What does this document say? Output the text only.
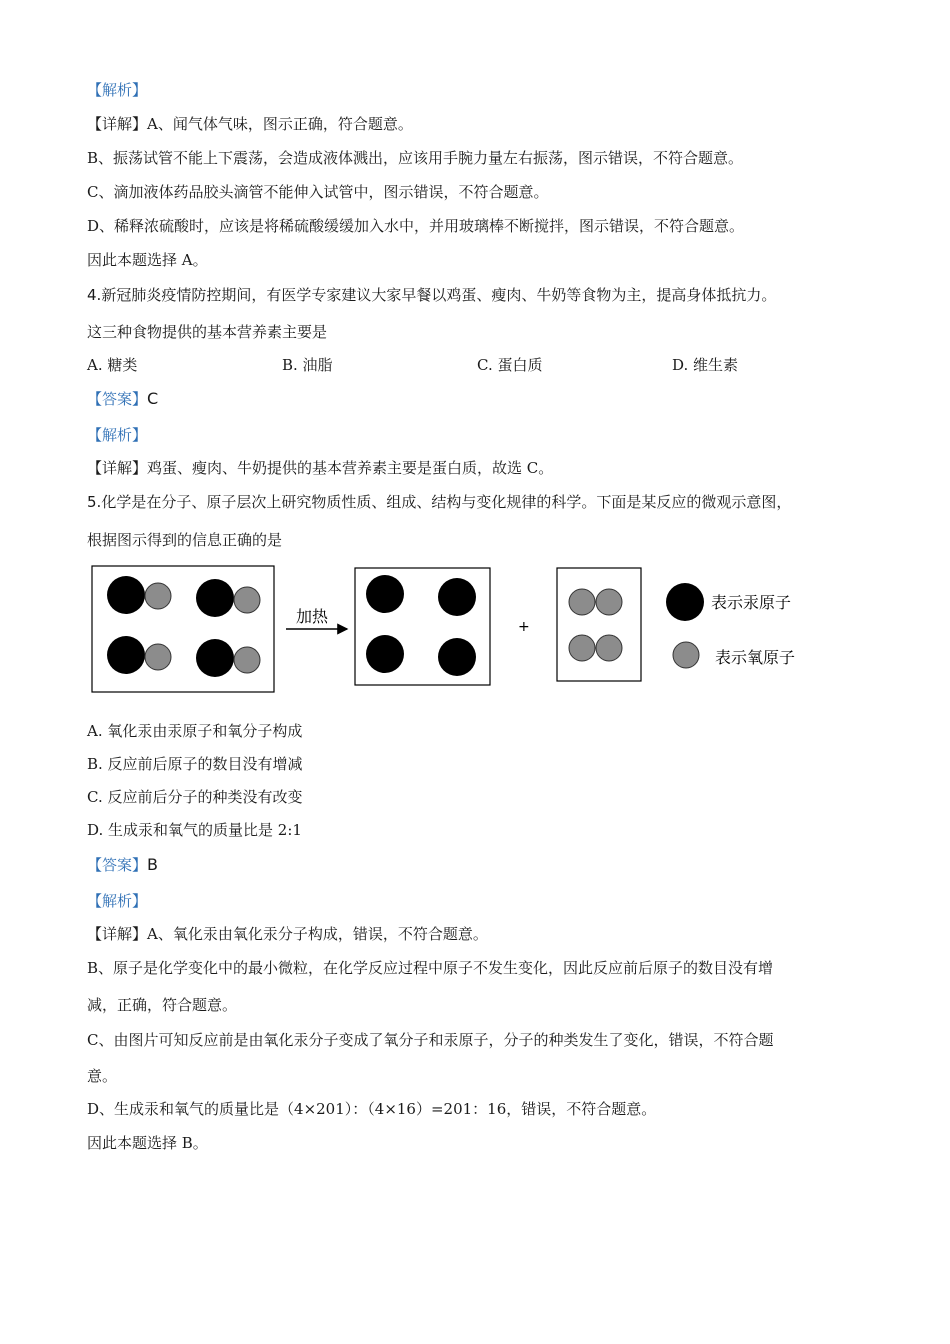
【解析】
【详解】A、闻气体气味，图示正确，符合题意。
B、振荡试管不能上下震荡，会造成液体溅出，应该用手腕力量左右振荡，图示错误，不符合题意。
C、滴加液体药品胶头滴管不能伸入试管中，图示错误，不符合题意。
D、稀释浓硫酸时，应该是将稀硫酸缓缓加入水中，并用玻璃棒不断搅拌，图示错误，不符合题意。
因此本题选择 A。
4.新冠肺炎疫情防控期间，有医学专家建议大家早餐以鸡蛋、瘦肉、牛奶等食物为主，提高身体抵抗力。
这三种食物提供的基本营养素主要是
A. 糖类	B. 油脂	C. 蛋白质	D. 维生素
【答案】C
【解析】
【详解】鸡蛋、瘦肉、牛奶提供的基本营养素主要是蛋白质，故选 C。
5.化学是在分子、原子层次上研究物质性质、组成、结构与变化规律的科学。下面是某反应的微观示意图，
根据图示得到的信息正确的是
加热
+
表示汞原子
表示氧原子
A. 氧化汞由汞原子和氧分子构成
B. 反应前后原子的数目没有增减
C. 反应前后分子的种类没有改变
D. 生成汞和氧气的质量比是 2:1
【答案】B
【解析】
【详解】A、氧化汞由氧化汞分子构成，错误，不符合题意。
B、原子是化学变化中的最小微粒，在化学反应过程中原子不发生变化，因此反应前后原子的数目没有增
减，正确，符合题意。
C、由图片可知反应前是由氧化汞分子变成了氧分子和汞原子，分子的种类发生了变化，错误，不符合题
意。
D、生成汞和氧气的质量比是（4×201）：（4×16）=201：16，错误，不符合题意。
因此本题选择 B。
